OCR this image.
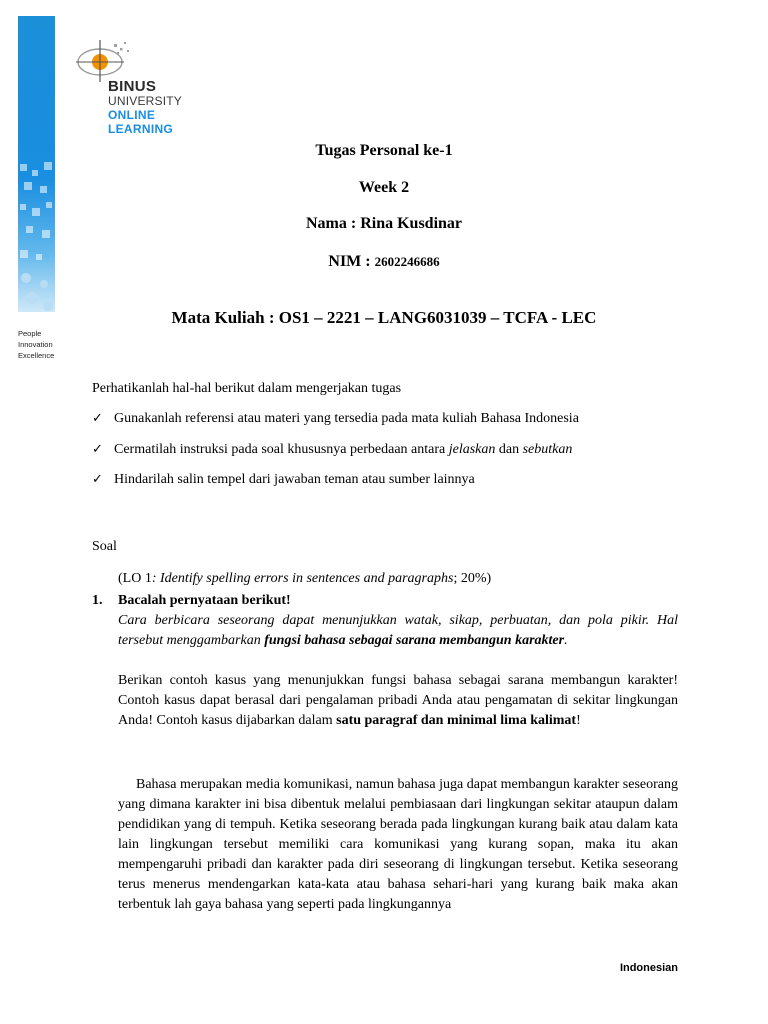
BINUS
UNIVERSITY
ONLINE
LEARNING
People
Innovation
Excellence
Tugas Personal ke-1
Week 2
Nama : Rina Kusdinar
NIM : 2602246686
Mata Kuliah : OS1 – 2221 – LANG6031039 – TCFA - LEC
Perhatikanlah hal-hal berikut dalam mengerjakan tugas
✓ Gunakanlah referensi atau materi yang tersedia pada mata kuliah Bahasa Indonesia
✓ Cermatilah instruksi pada soal khususnya perbedaan antara jelaskan dan sebutkan
✓ Hindarilah salin tempel dari jawaban teman atau sumber lainnya
Soal
(LO 1: Identify spelling errors in sentences and paragraphs; 20%)
1. Bacalah pernyataan berikut!
Cara berbicara seseorang dapat menunjukkan watak, sikap, perbuatan, dan pola pikir. Hal tersebut menggambarkan fungsi bahasa sebagai sarana membangun karakter.
Berikan contoh kasus yang menunjukkan fungsi bahasa sebagai sarana membangun karakter! Contoh kasus dapat berasal dari pengalaman pribadi Anda atau pengamatan di sekitar lingkungan Anda! Contoh kasus dijabarkan dalam satu paragraf dan minimal lima kalimat!
Bahasa merupakan media komunikasi, namun bahasa juga dapat membangun karakter seseorang yang dimana karakter ini bisa dibentuk melalui pembiasaan dari lingkungan sekitar ataupun dalam pendidikan yang di tempuh. Ketika seseorang berada pada lingkungan kurang baik atau dalam kata lain lingkungan tersebut memiliki cara komunikasi yang kurang sopan, maka itu akan mempengaruhi pribadi dan karakter pada diri seseorang di lingkungan tersebut. Ketika seseorang terus menerus mendengarkan kata-kata atau bahasa sehari-hari yang kurang baik maka akan terbentuk lah gaya bahasa yang seperti pada lingkungannya
Indonesian
